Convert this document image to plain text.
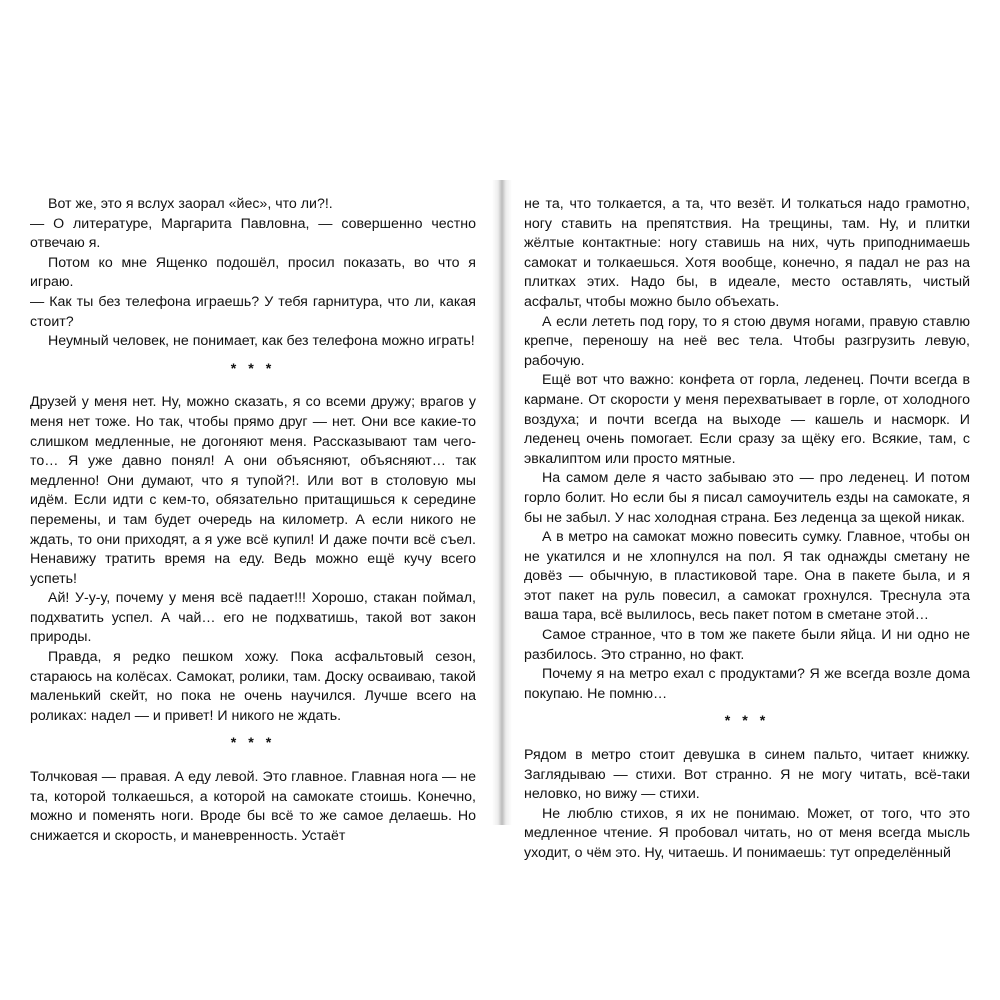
Вот же, это я вслух заорал «йес», что ли?!.

— О литературе, Маргарита Павловна, — совершенно честно отвечаю я.

Потом ко мне Ященко подошёл, просил показать, во что я играю.

— Как ты без телефона играешь? У тебя гарнитура, что ли, какая стоит?

Неумный человек, не понимает, как без телефона можно играть!

* * *

Друзей у меня нет. Ну, можно сказать, я со всеми дружу; врагов у меня нет тоже. Но так, чтобы прямо друг — нет. Они все какие-то слишком медленные, не догоняют меня. Рассказывают там чего-то… Я уже давно понял! А они объясняют, объясняют… так медленно! Они думают, что я тупой?!. Или вот в столовую мы идём. Если идти с кем-то, обязательно притащишься к середине перемены, и там будет очередь на километр. А если никого не ждать, то они приходят, а я уже всё купил! И даже почти всё съел. Ненавижу тратить время на еду. Ведь можно ещё кучу всего успеть!

Ай! У-у-у, почему у меня всё падает!!! Хорошо, стакан поймал, подхватить успел. А чай… его не подхватишь, такой вот закон природы.

Правда, я редко пешком хожу. Пока асфальтовый сезон, стараюсь на колёсах. Самокат, ролики, там. Доску осваиваю, такой маленький скейт, но пока не очень научился. Лучше всего на роликах: надел — и привет! И никого не ждать.

* * *

Толчковая — правая. А еду левой. Это главное. Главная нога — не та, которой толкаешься, а которой на самокате стоишь. Конечно, можно и поменять ноги. Вроде бы всё то же самое делаешь. Но снижается и скорость, и маневренность. Устаёт

не та, что толкается, а та, что везёт. И толкаться надо грамотно, ногу ставить на препятствия. На трещины, там. Ну, и плитки жёлтые контактные: ногу ставишь на них, чуть приподнимаешь самокат и толкаешься. Хотя вообще, конечно, я падал не раз на плитках этих. Надо бы, в идеале, место оставлять, чистый асфальт, чтобы можно было объехать.

А если лететь под гору, то я стою двумя ногами, правую ставлю крепче, переношу на неё вес тела. Чтобы разгрузить левую, рабочую.

Ещё вот что важно: конфета от горла, леденец. Почти всегда в кармане. От скорости у меня перехватывает в горле, от холодного воздуха; и почти всегда на выходе — кашель и насморк. И леденец очень помогает. Если сразу за щёку его. Всякие, там, с эвкалиптом или просто мятные.

На самом деле я часто забываю это — про леденец. И потом горло болит. Но если бы я писал самоучитель езды на самокате, я бы не забыл. У нас холодная страна. Без леденца за щекой никак.

А в метро на самокат можно повесить сумку. Главное, чтобы он не укатился и не хлопнулся на пол. Я так однажды сметану не довёз — обычную, в пластиковой таре. Она в пакете была, и я этот пакет на руль повесил, а самокат грохнулся. Треснула эта ваша тара, всё вылилось, весь пакет потом в сметане этой…

Самое странное, что в том же пакете были яйца. И ни одно не разбилось. Это странно, но факт.

Почему я на метро ехал с продуктами? Я же всегда возле дома покупаю. Не помню…

* * *

Рядом в метро стоит девушка в синем пальто, читает книжку. Заглядываю — стихи. Вот странно. Я не могу читать, всё-таки неловко, но вижу — стихи.

Не люблю стихов, я их не понимаю. Может, от того, что это медленное чтение. Я пробовал читать, но от меня всегда мысль уходит, о чём это. Ну, читаешь. И понимаешь: тут определённый
